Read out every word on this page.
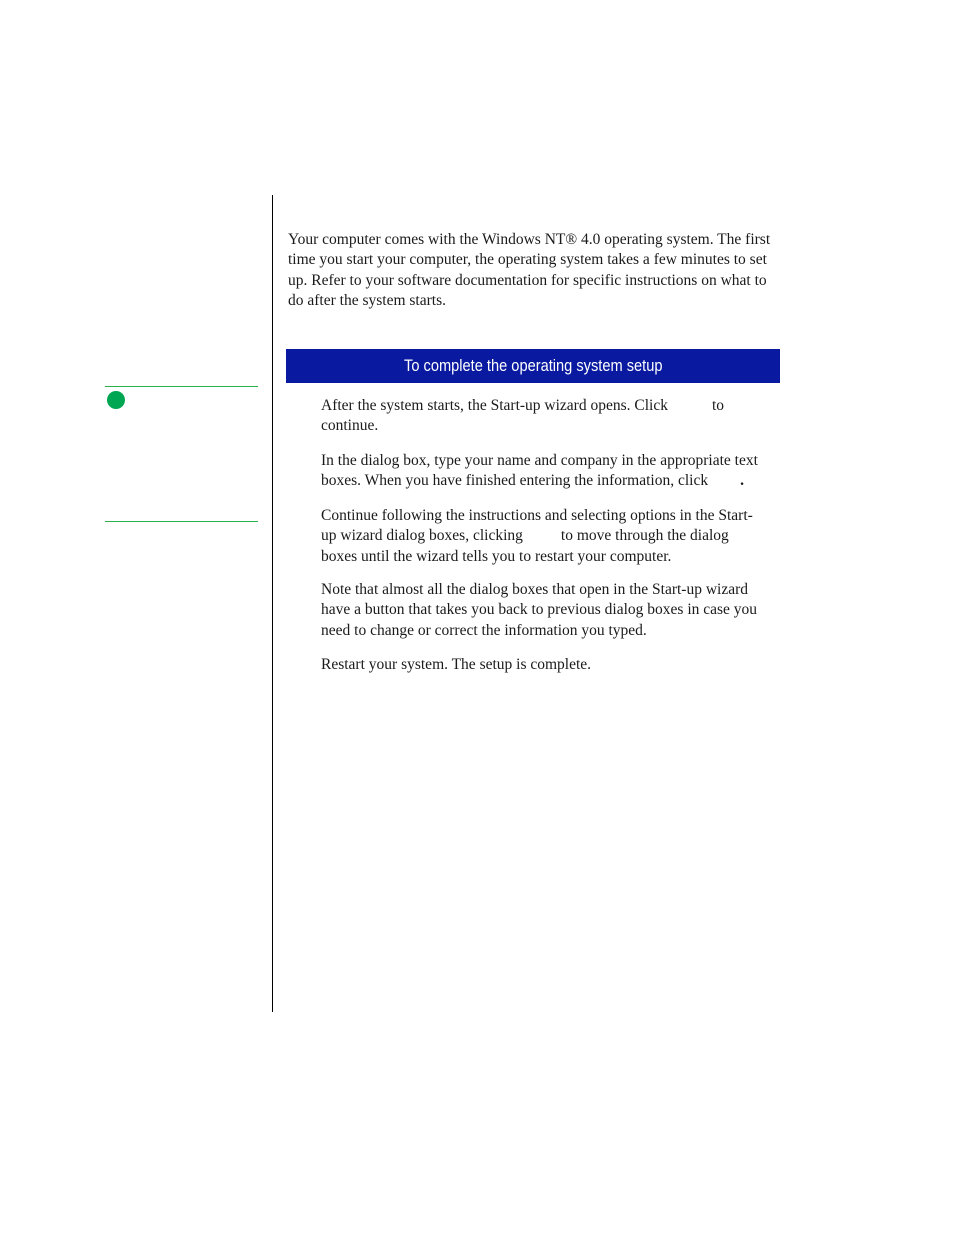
Your computer comes with the Windows NT® 4.0 operating system. The first time you start your computer, the operating system takes a few minutes to set up. Refer to your software documentation for specific instructions on what to do after the system starts.

To complete the operating system setup

After the system starts, the Start-up wizard opens. Click	to
continue.

In the dialog box, type your name and company in the appropriate text boxes. When you have finished entering the information, click .

Continue following the instructions and selecting options in the Start-
up wizard dialog boxes, clicking to move through the dialog
boxes until the wizard tells you to restart your computer.

Note that almost all the dialog boxes that open in the Start-up wizard have a button that takes you back to previous dialog boxes in case you need to change or correct the information you typed.

Restart your system. The setup is complete.
